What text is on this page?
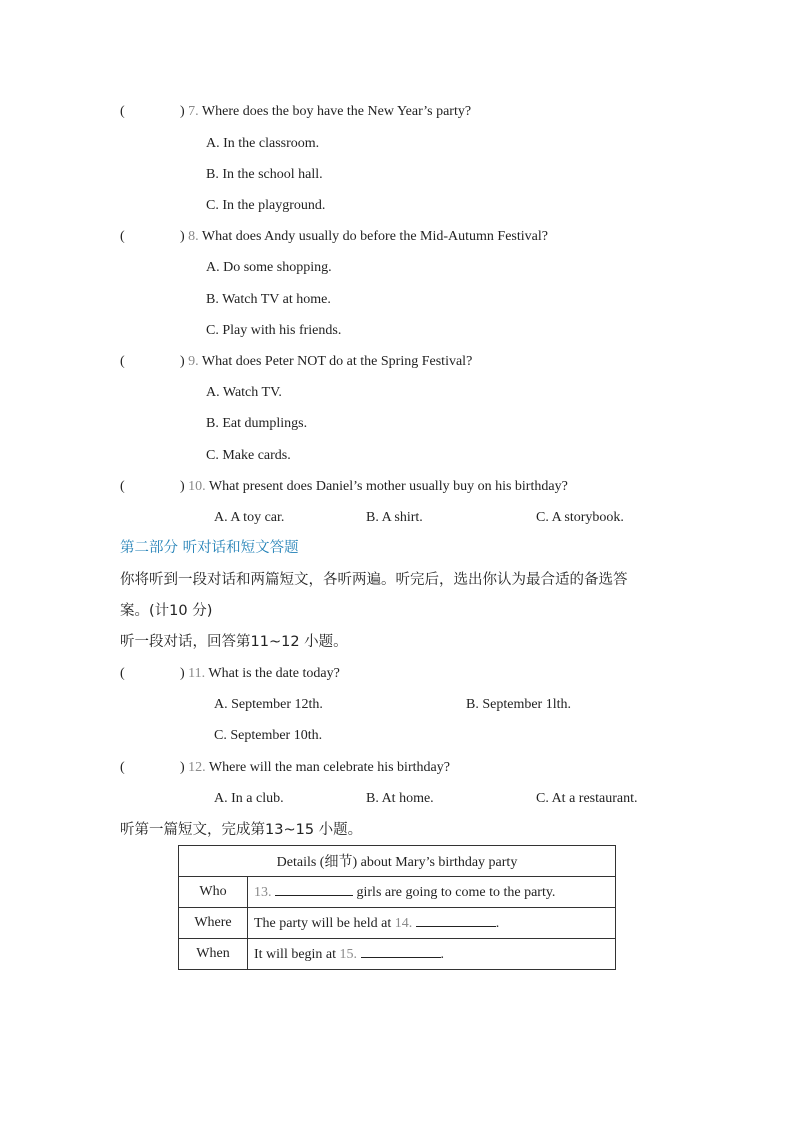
(	) 7. Where does the boy have the New Year’s party?
A. In the classroom.
B. In the school hall.
C. In the playground.
(	) 8. What does Andy usually do before the Mid-Autumn Festival?
A. Do some shopping.
B. Watch TV at home.
C. Play with his friends.
(	) 9. What does Peter NOT do at the Spring Festival?
A. Watch TV.
B. Eat dumplings.
C. Make cards.
(	) 10. What present does Daniel’s mother usually buy on his birthday?
A. A toy car.	B. A shirt.	C. A storybook.
第二部分 听对话和短文答题
你将听到一段对话和两篇短文，各听两遍。听完后，选出你认为最合适的备选答
案。(计10 分)
听一段对话，回答第11~12 小题。
(	) 11. What is the date today?
A. September 12th.	B. September 1lth.
C. September 10th.
(	) 12. Where will the man celebrate his birthday?
A. In a club.	B. At home.	C. At a restaurant.
听第一篇短文，完成第13~15 小题。
Details (细节) about Mary’s birthday party	
Who	13. girls are going to come to the party.
Where	The party will be held at 14. .
When	It will begin at 15. .
